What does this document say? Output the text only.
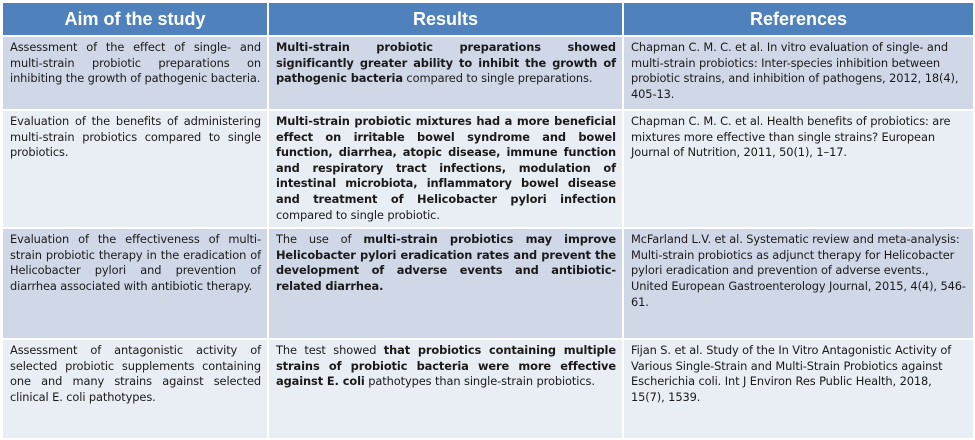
Aim of the study	Results	References
Assessment of the effect of single- and multi-strain probiotic preparations on inhibiting the growth of pathogenic bacteria.	Multi-strain probiotic preparations showed significantly greater ability to inhibit the growth of pathogenic bacteria compared to single preparations.	Chapman C. M. C. et al. In vitro evaluation of single- and multi-strain probiotics: Inter-species inhibition between probiotic strains, and inhibition of pathogens, 2012, 18(4), 405-13.
Evaluation of the benefits of administering multi-strain probiotics compared to single probiotics.	Multi-strain probiotic mixtures had a more beneficial effect on irritable bowel syndrome and bowel function, diarrhea, atopic disease, immune function and respiratory tract infections, modulation of intestinal microbiota, inflammatory bowel disease and treatment of Helicobacter pylori infection compared to single probiotic.	Chapman C. M. C. et al. Health benefits of probiotics: are mixtures more effective than single strains? European Journal of Nutrition, 2011, 50(1), 1–17.
Evaluation of the effectiveness of multi-strain probiotic therapy in the eradication of Helicobacter pylori and prevention of diarrhea associated with antibiotic therapy.	The use of multi-strain probiotics may improve Helicobacter pylori eradication rates and prevent the development of adverse events and antibiotic-related diarrhea.	McFarland L.V. et al. Systematic review and meta-analysis: Multi-strain probiotics as adjunct therapy for Helicobacter pylori eradication and prevention of adverse events., United European Gastroenterology Journal, 2015, 4(4), 546-61.
Assessment of antagonistic activity of selected probiotic supplements containing one and many strains against selected clinical E. coli pathotypes.	The test showed that probiotics containing multiple strains of probiotic bacteria were more effective against E. coli pathotypes than single-strain probiotics.	Fijan S. et al. Study of the In Vitro Antagonistic Activity of Various Single-Strain and Multi-Strain Probiotics against Escherichia coli. Int J Environ Res Public Health, 2018, 15(7), 1539.
